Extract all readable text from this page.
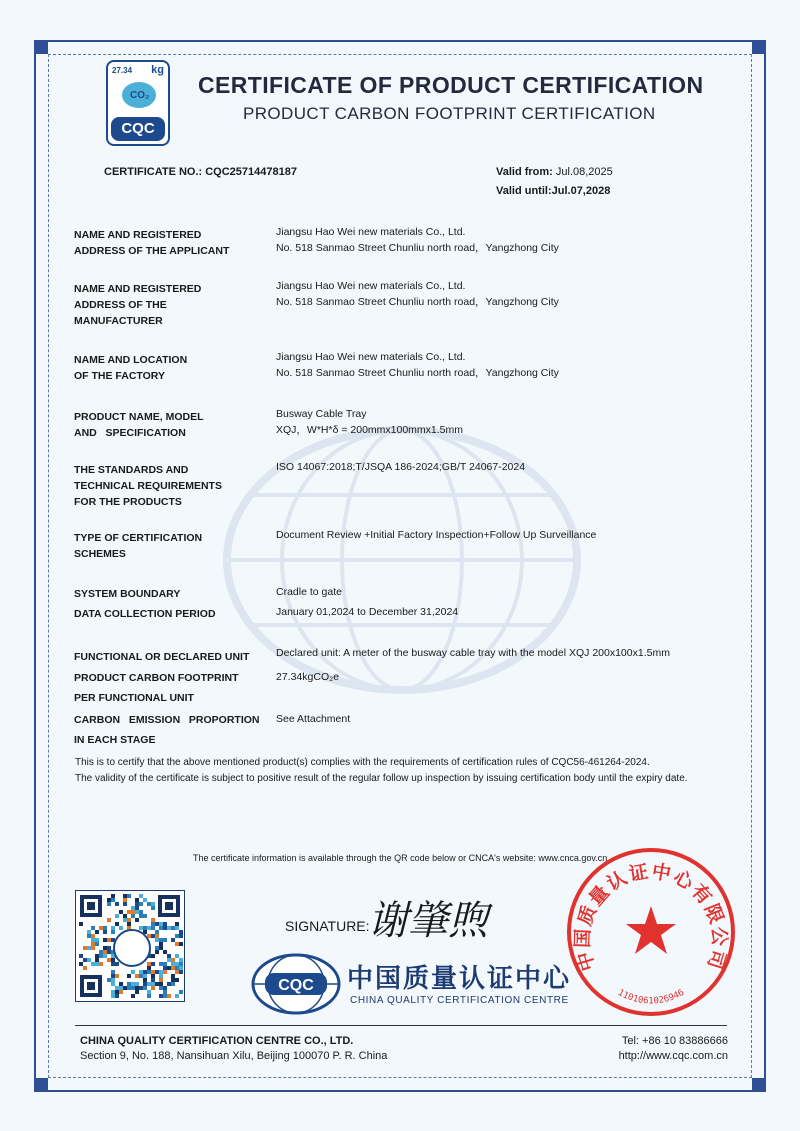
27.34 kg
CO₂
CQC
CERTIFICATE OF PRODUCT CERTIFICATION
PRODUCT CARBON FOOTPRINT CERTIFICATION
CERTIFICATE NO.: CQC25714478187	Valid from: Jul.08,2025
Valid until:Jul.07,2028
NAME AND REGISTERED
ADDRESS OF THE APPLICANT
Jiangsu Hao Wei new materials Co., Ltd.
No. 518 Sanmao Street Chunliu north road，Yangzhong City
NAME AND REGISTERED
ADDRESS OF THE
MANUFACTURER
Jiangsu Hao Wei new materials Co., Ltd.
No. 518 Sanmao Street Chunliu north road，Yangzhong City
NAME AND LOCATION
OF THE FACTORY
Jiangsu Hao Wei new materials Co., Ltd.
No. 518 Sanmao Street Chunliu north road，Yangzhong City
PRODUCT NAME, MODEL
AND   SPECIFICATION
Busway Cable Tray
XQJ，W*H*δ = 200mmx100mmx1.5mm
THE STANDARDS AND
TECHNICAL REQUIREMENTS
FOR THE PRODUCTS
ISO 14067:2018;T/JSQA 186-2024;GB/T 24067-2024
TYPE OF CERTIFICATION
SCHEMES
Document Review +Initial Factory Inspection+Follow Up Surveillance
SYSTEM BOUNDARY	Cradle to gate
DATA COLLECTION PERIOD	January 01,2024 to December 31,2024
FUNCTIONAL OR DECLARED UNIT	Declared unit: A meter of the busway cable tray with the model XQJ 200x100x1.5mm
PRODUCT CARBON FOOTPRINT
PER FUNCTIONAL UNIT
27.34kgCO₂e
CARBON   EMISSION   PROPORTION
IN EACH STAGE
See Attachment
This is to certify that the above mentioned product(s) complies with the requirements of certification rules of CQC56-461264-2024.
The validity of the certificate is subject to positive result of the regular follow up inspection by issuing certification body until the expiry date.
The certificate information is available through the QR code below or CNCA's website: www.cnca.gov.cn
SIGNATURE:
谢肇煦
CQC 中国质量认证中心
CHINA QUALITY CERTIFICATION CENTRE
中国质量认证中心有限公司
1101061026946
CHINA QUALITY CERTIFICATION CENTRE CO., LTD.
Section 9, No. 188, Nansihuan Xilu, Beijing 100070 P. R. China
Tel: +86 10 83886666
http://www.cqc.com.cn
